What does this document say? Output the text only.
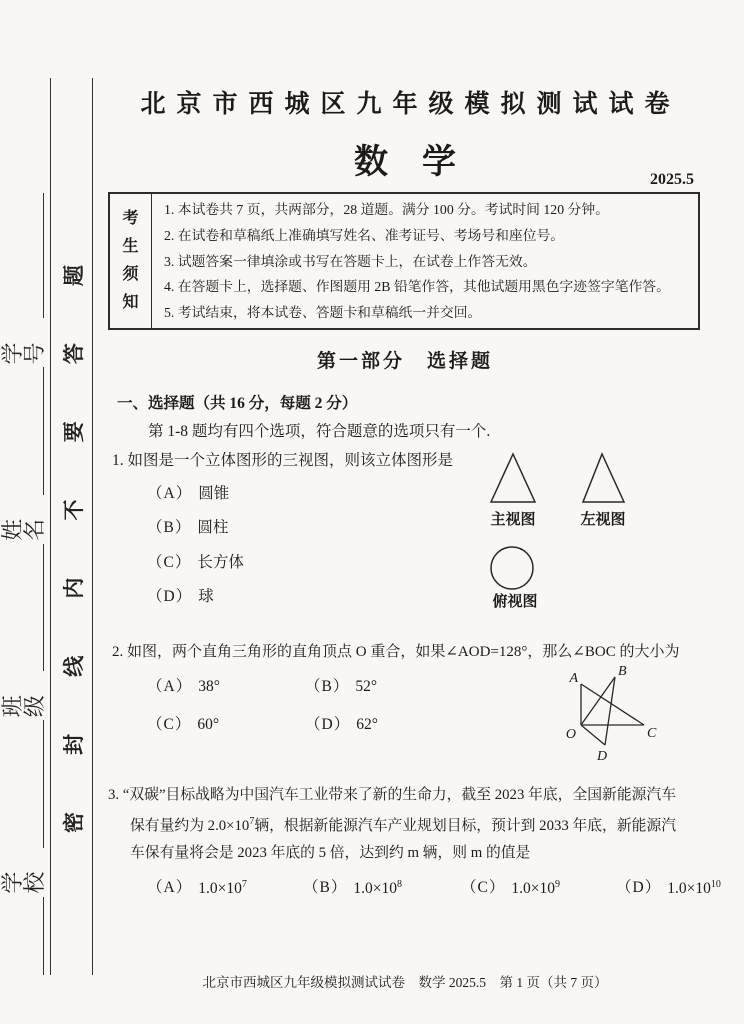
学校
班级
姓名
学号
密
封
线
内
不
要
答
题
北京市西城区九年级模拟测试试卷
数　学	2025.5
考生须知
1. 本试卷共 7 页，共两部分，28 道题。满分 100 分。考试时间 120 分钟。
2. 在试卷和草稿纸上准确填写姓名、准考证号、考场号和座位号。
3. 试题答案一律填涂或书写在答题卡上，在试卷上作答无效。
4. 在答题卡上，选择题、作图题用 2B 铅笔作答，其他试题用黑色字迹签字笔作答。
5. 考试结束，将本试卷、答题卡和草稿纸一并交回。
第一部分　选择题
一、选择题（共 16 分，每题 2 分）
第 1-8 题均有四个选项，符合题意的选项只有一个.
1. 如图是一个立体图形的三视图，则该立体图形是
（A） 圆锥
（B） 圆柱
（C） 长方体
（D） 球
主视图	左视图
俯视图
2. 如图，两个直角三角形的直角顶点 O 重合，如果∠AOD=128°，那么∠BOC 的大小为
（A） 38°	（B） 52°
（C） 60°	（D） 62°
A	B
O	C
D
3. “双碳”目标战略为中国汽车工业带来了新的生命力，截至 2023 年底，全国新能源汽车
保有量约为 $2.0\times 10^7$辆，根据新能源汽车产业规划目标，预计到 2033 年底，新能源汽
车保有量将会是 2023 年底的 5 倍，达到约 m 辆，则 m 的值是
（A） $1.0\times 10^7$	（B） $1.0\times 10^8$	（C） $1.0\times 10^9$	（D） $1.0\times 10^{10}$
北京市西城区九年级模拟测试试卷　数学 2025.5　第 1 页（共 7 页）
